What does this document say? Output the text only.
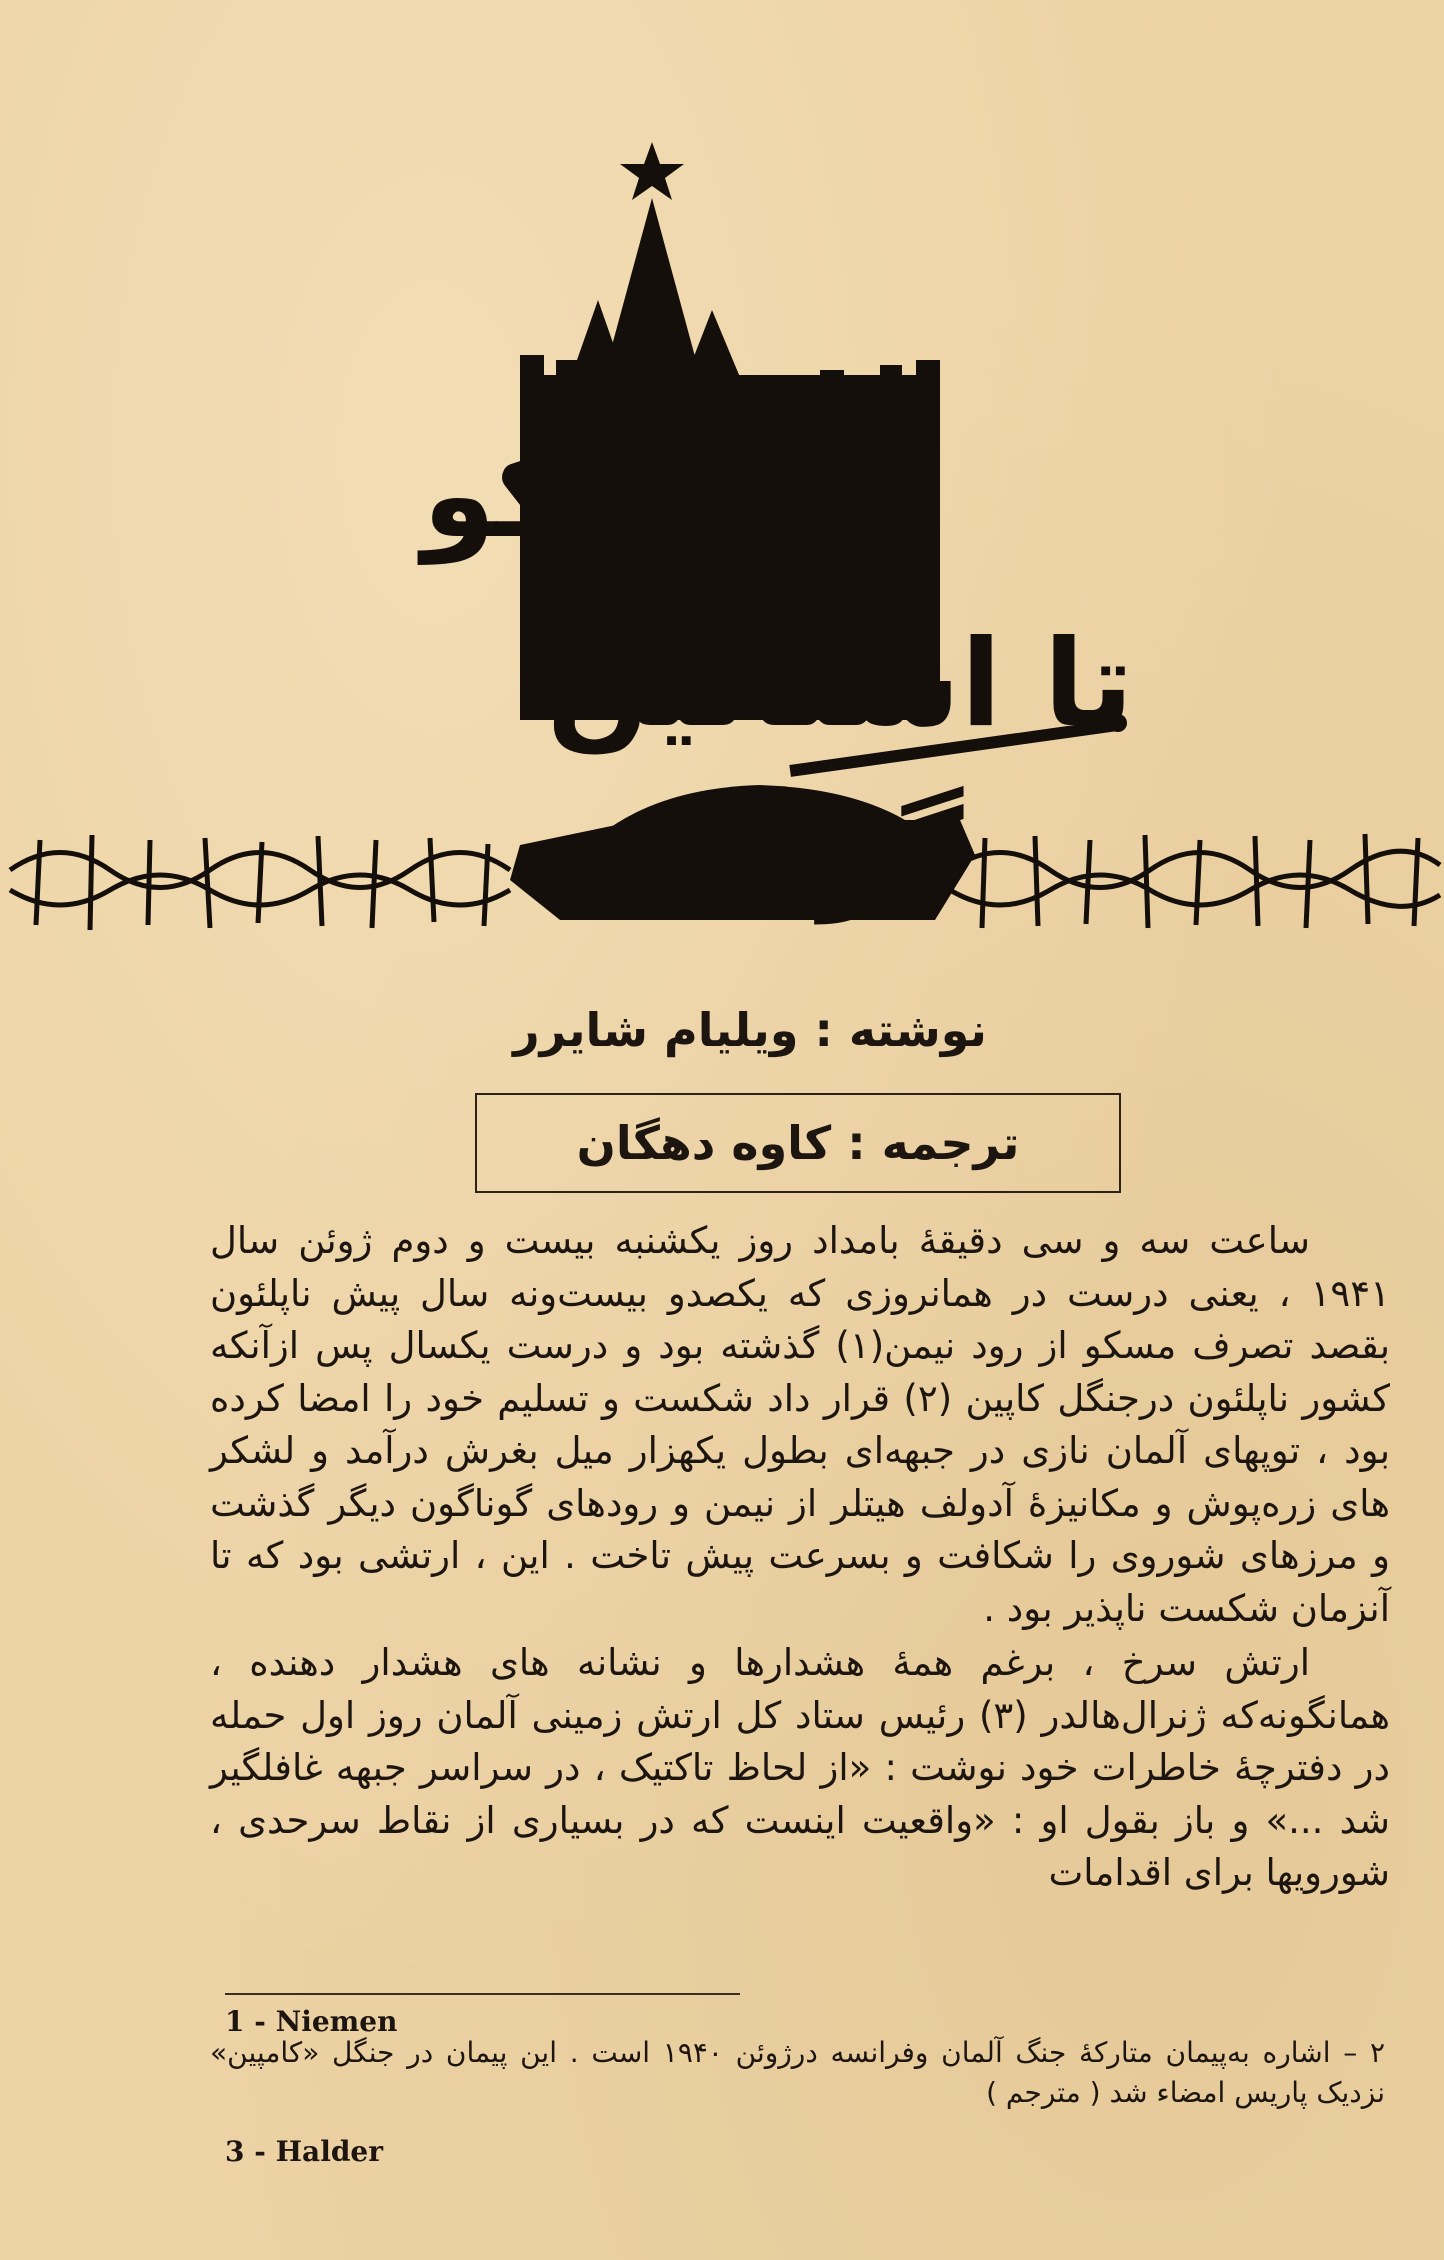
از مسکو
تا استالین گراد
نوشته : ویلیام شایرر
ترجمه : کاوه دهگان

ساعت سه و سی دقیقهٔ بامداد روز یکشنبه بیست و دوم ژوئن سال ۱۹۴۱ ، یعنی درست در همانروزی که یکصدو بیست‌ونه سال پیش ناپلئون بقصد تصرف مسکو از رود نیمن(۱) گذشته بود و درست یکسال پس ازآنکه کشور ناپلئون درجنگل کاپین (۲) قرار داد شکست و تسلیم خود را امضا کرده بود ، توپهای آلمان نازی در جبهه‌ای بطول یکهزار میل بغرش درآمد و لشکر های زره‌پوش و مکانیزهٔ آدولف هیتلر از نیمن و رودهای گوناگون دیگر گذشت و مرزهای شوروی را شکافت و بسرعت پیش تاخت . این ، ارتشی بود که تا آنزمان شکست ناپذیر بود .

ارتش سرخ ، برغم همهٔ هشدارها و نشانه های هشدار دهنده ، همانگونه‌که ژنرال‌هالدر (۳) رئیس ستاد کل ارتش زمینی آلمان روز اول حمله در دفترچهٔ خاطرات خود نوشت : «از لحاظ تاکتیک ، در سراسر جبهه غافلگیر شد ...» و باز بقول او : «واقعیت اینست که در بسیاری از نقاط سرحدی ، شورویها برای اقدامات

1 - Niemen
۲ – اشاره به‌پیمان متارکهٔ جنگ آلمان وفرانسه درژوئن ۱۹۴۰ است . این پیمان در جنگل «کامپین» نزدیک پاریس امضاء شد ( مترجم )
3 - Halder
